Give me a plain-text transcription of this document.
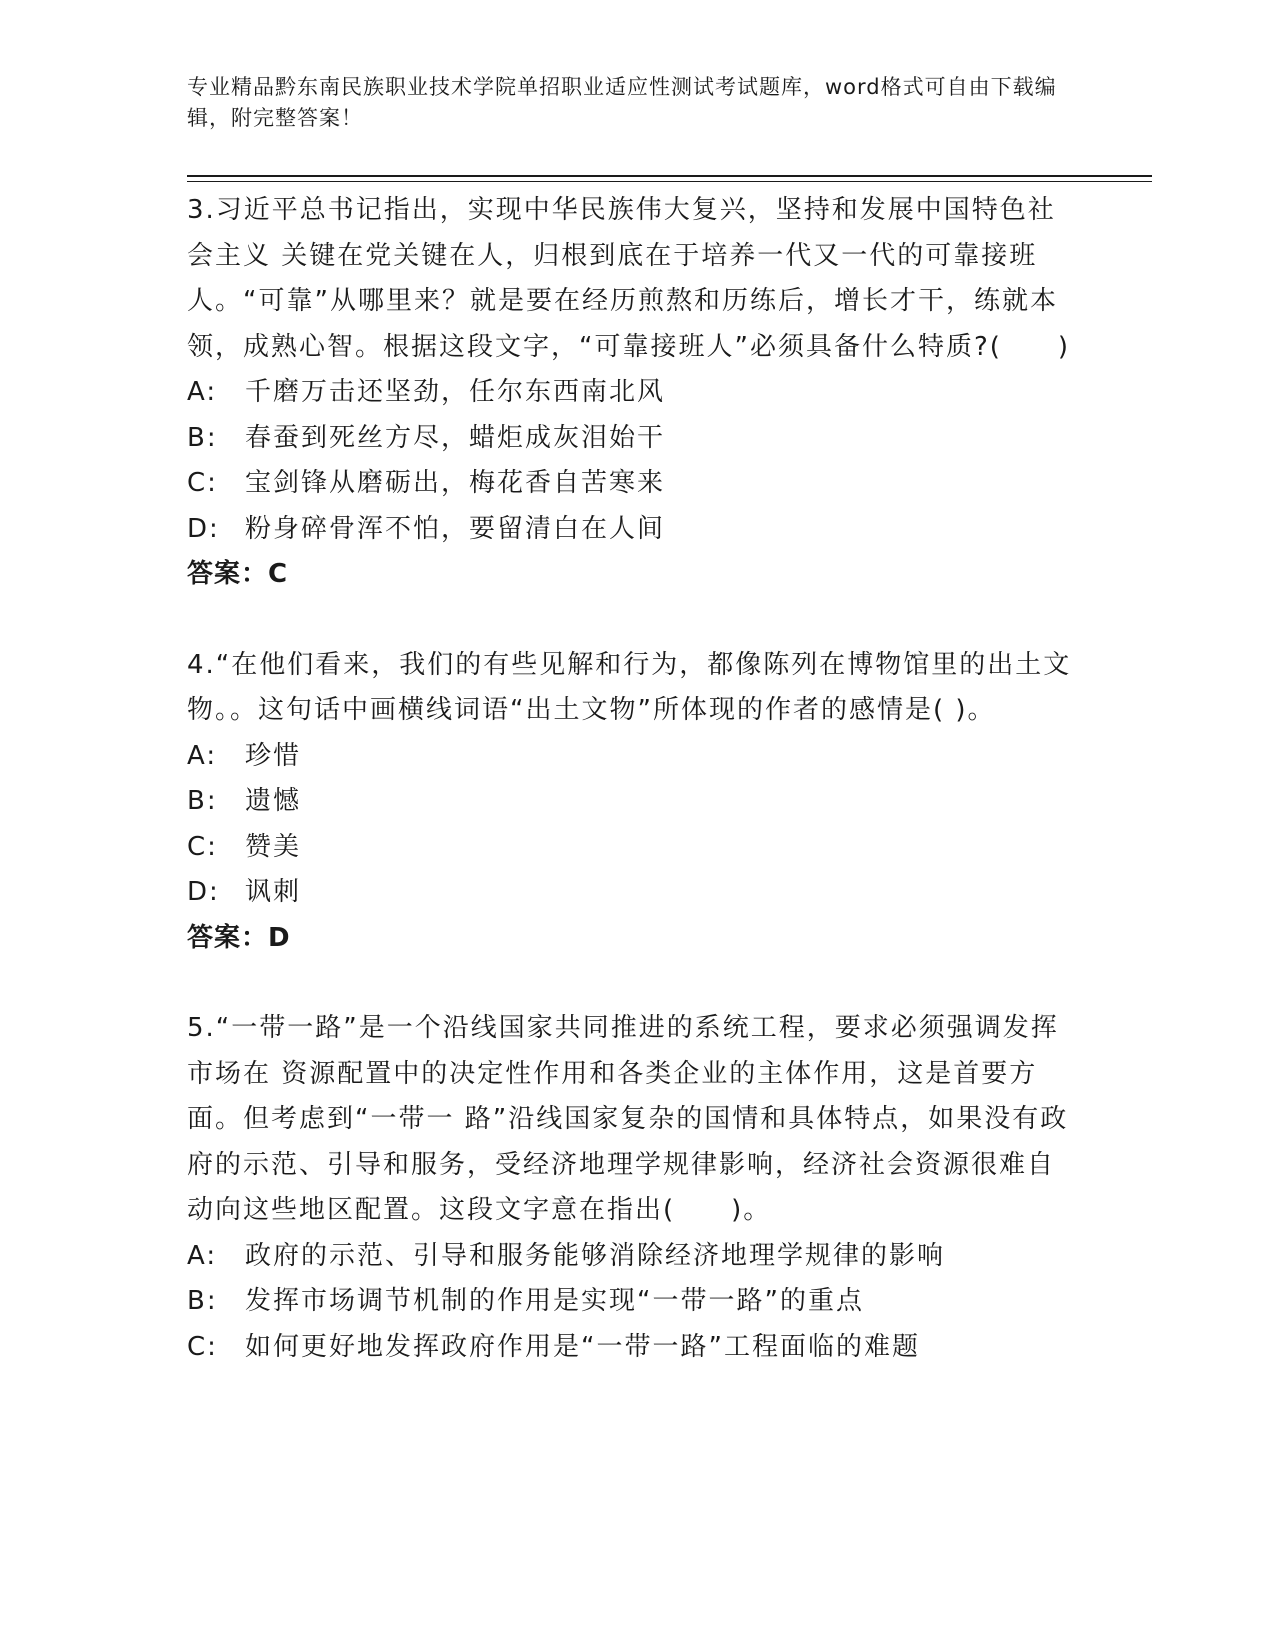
专业精品黔东南民族职业技术学院单招职业适应性测试考试题库，word格式可自由下载编辑，附完整答案！
3.习近平总书记指出，实现中华民族伟大复兴，坚持和发展中国特色社会主义 关键在党关键在人，归根到底在于培养一代又一代的可靠接班人。“可靠”从哪里来？就是要在经历煎熬和历练后，增长才干，练就本领，成熟心智。根据这段文字，“可靠接班人”必须具备什么特质?(　　)
A: 千磨万击还坚劲，任尔东西南北风
B: 春蚕到死丝方尽，蜡炬成灰泪始干
C: 宝剑锋从磨砺出，梅花香自苦寒来
D: 粉身碎骨浑不怕，要留清白在人间
答案：C
4.“在他们看来，我们的有些见解和行为，都像陈列在博物馆里的出土文物。。这句话中画横线词语“出土文物”所体现的作者的感情是( )。
A: 珍惜
B: 遗憾
C: 赞美
D: 讽刺
答案：D
5.“一带一路”是一个沿线国家共同推进的系统工程，要求必须强调发挥市场在 资源配置中的决定性作用和各类企业的主体作用，这是首要方面。但考虑到“一带一 路”沿线国家复杂的国情和具体特点，如果没有政府的示范、引导和服务，受经济地理学规律影响，经济社会资源很难自动向这些地区配置。这段文字意在指出(　　)。
A: 政府的示范、引导和服务能够消除经济地理学规律的影响
B: 发挥市场调节机制的作用是实现“一带一路”的重点
C: 如何更好地发挥政府作用是“一带一路”工程面临的难题
